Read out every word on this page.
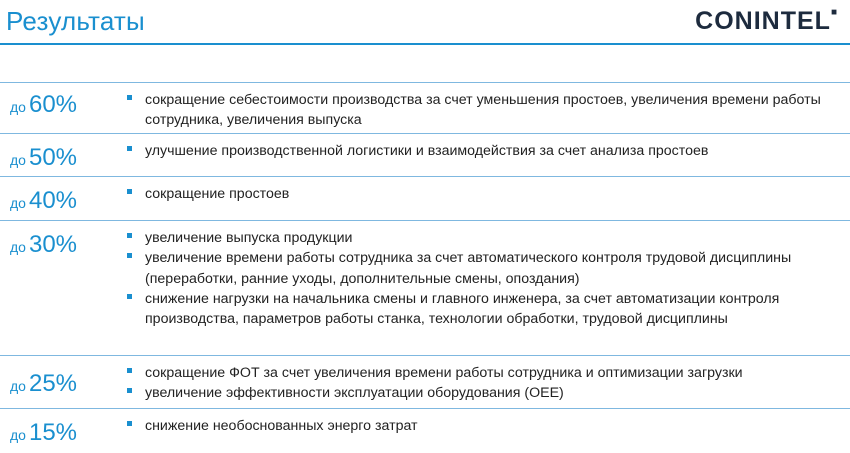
Результаты	CONINTEL■
до 60%	сокращение себестоимости производства за счет уменьшения простоев, увеличения времени работы сотрудника, увеличения выпуска
до 50%	улучшение производственной логистики и взаимодействия за счет анализа простоев
до 40%	сокращение простоев
до 30%	увеличение выпуска продукции
увеличение времени работы сотрудника за счет автоматического контроля трудовой дисциплины (переработки, ранние уходы, дополнительные смены, опоздания)
снижение нагрузки на начальника смены и главного инженера, за счет автоматизации контроля производства, параметров работы станка, технологии обработки, трудовой дисциплины
до 25%	сокращение ФОТ за счет увеличения времени работы сотрудника и оптимизации загрузки
увеличение эффективности эксплуатации оборудования (OEE)
до 15%	снижение необоснованных энерго затрат
